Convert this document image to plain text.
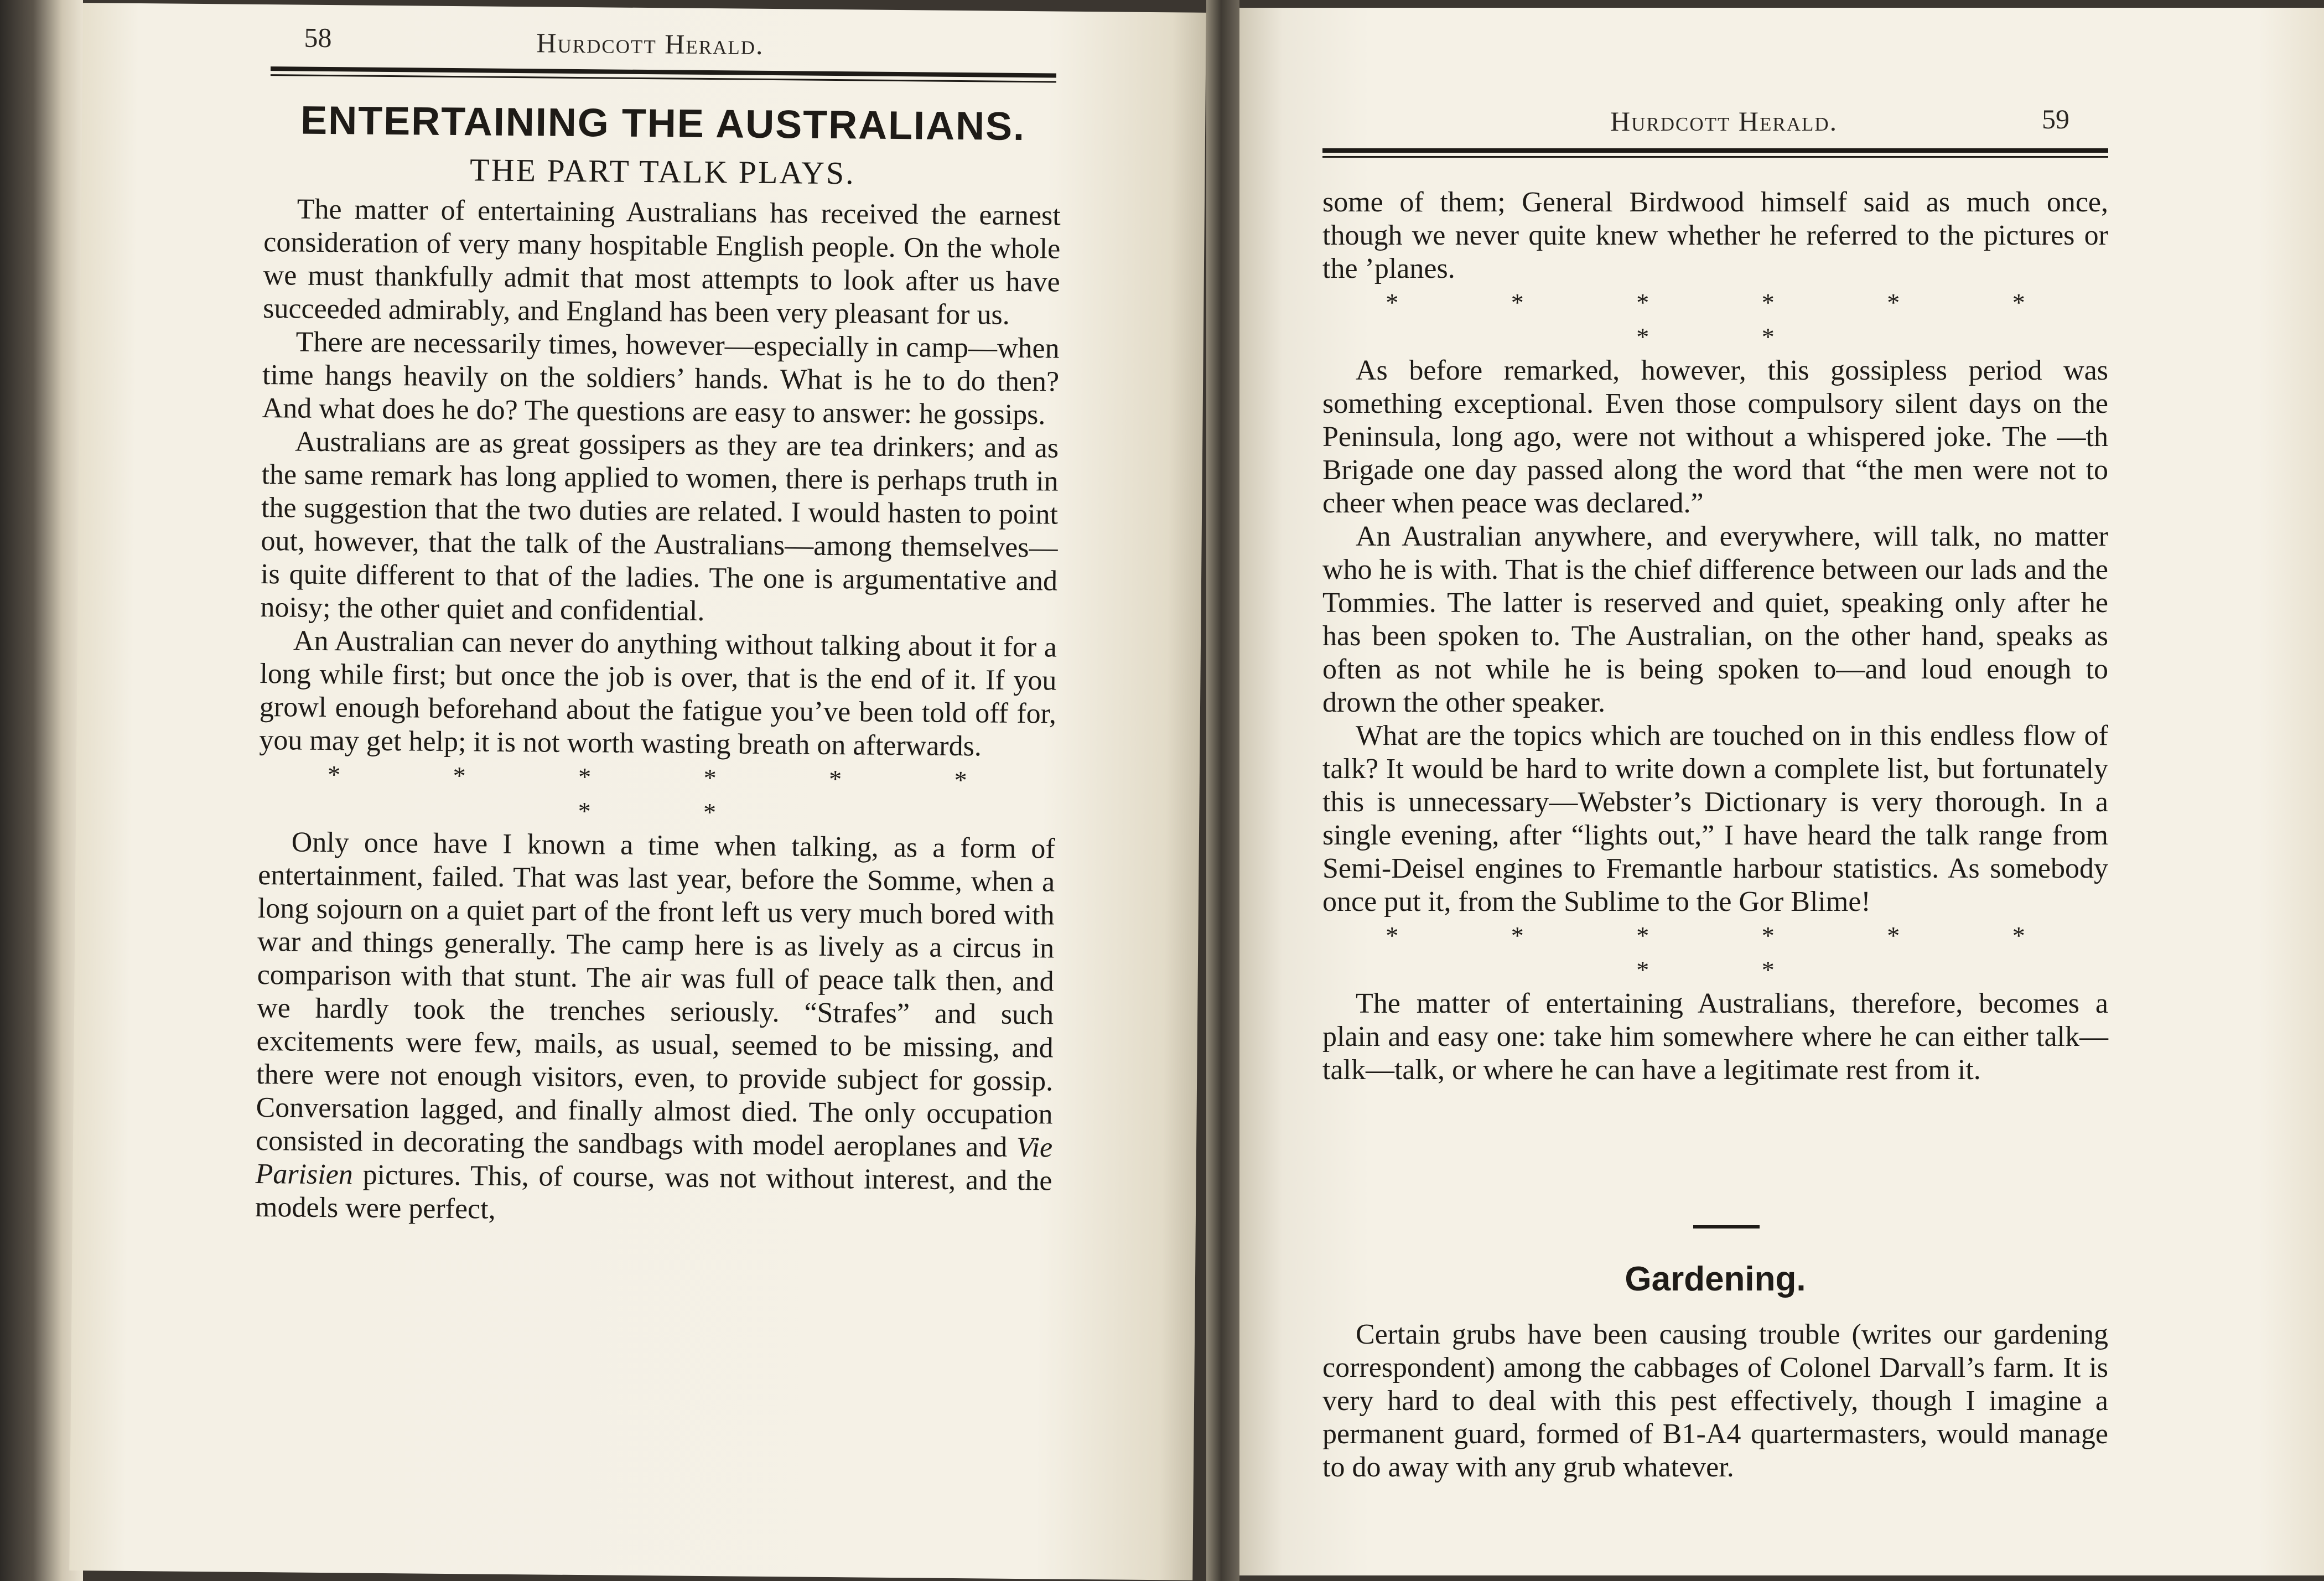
58	Hurdcott Herald.
ENTERTAINING THE AUSTRALIANS.
THE PART TALK PLAYS.

The matter of entertaining Australians has received the earnest consideration of very many hospitable English people. On the whole we must thankfully admit that most attempts to look after us have succeeded admirably, and England has been very pleasant for us.

There are necessarily times, however—especially in camp—when time hangs heavily on the soldiers’ hands. What is he to do then? And what does he do? The questions are easy to answer: he gossips.

Australians are as great gossipers as they are tea drinkers; and as the same remark has long applied to women, there is perhaps truth in the suggestion that the two duties are related. I would hasten to point out, however, that the talk of the Australians—among themselves—is quite different to that of the ladies. The one is argumentative and noisy; the other quiet and confidential.

An Australian can never do anything without talking about it for a long while first; but once the job is over, that is the end of it. If you growl enough beforehand about the fatigue you’ve been told off for, you may get help; it is not worth wasting breath on afterwards.

* * * * * * * *

Only once have I known a time when talking, as a form of entertainment, failed. That was last year, before the Somme, when a long sojourn on a quiet part of the front left us very much bored with war and things generally. The camp here is as lively as a circus in comparison with that stunt. The air was full of peace talk then, and we hardly took the trenches seriously. “Strafes” and such excitements were few, mails, as usual, seemed to be missing, and there were not enough visitors, even, to provide subject for gossip. Conversation lagged, and finally almost died. The only occupation consisted in decorating the sandbags with model aeroplanes and Vie Parisien pictures. This, of course, was not without interest, and the models were perfect,

Hurdcott Herald.	59

some of them; General Birdwood himself said as much once, though we never quite knew whether he referred to the pictures or the ’planes.

* * * * * * * *

As before remarked, however, this gossipless period was something exceptional. Even those compulsory silent days on the Peninsula, long ago, were not without a whispered joke. The —th Brigade one day passed along the word that “the men were not to cheer when peace was declared.”

An Australian anywhere, and everywhere, will talk, no matter who he is with. That is the chief difference between our lads and the Tommies. The latter is reserved and quiet, speaking only after he has been spoken to. The Australian, on the other hand, speaks as often as not while he is being spoken to—and loud enough to drown the other speaker.

What are the topics which are touched on in this endless flow of talk? It would be hard to write down a complete list, but fortunately this is unnecessary—Webster’s Dictionary is very thorough. In a single evening, after “lights out,” I have heard the talk range from Semi-Deisel engines to Fremantle harbour statistics. As somebody once put it, from the Sublime to the Gor Blime!

* * * * * * * *

The matter of entertaining Australians, therefore, becomes a plain and easy one: take him somewhere where he can either talk—talk—talk, or where he can have a legitimate rest from it.

Gardening.

Certain grubs have been causing trouble (writes our gardening correspondent) among the cabbages of Colonel Darvall’s farm. It is very hard to deal with this pest effectively, though I imagine a permanent guard, formed of B1-A4 quartermasters, would manage to do away with any grub whatever.
